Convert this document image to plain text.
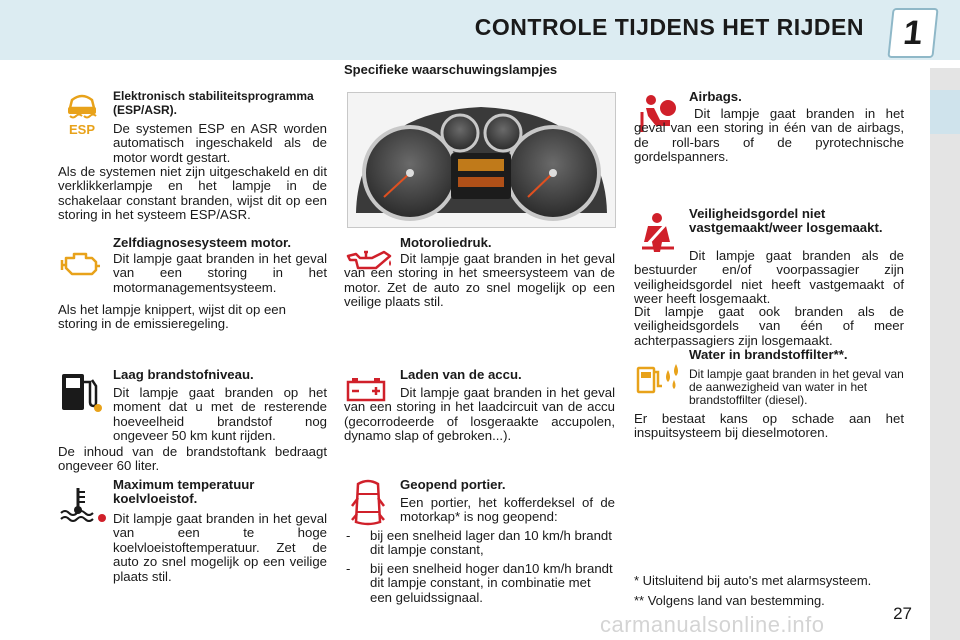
CONTROLE TIJDENS HET RIJDEN	1
ESP
Elektronisch stabiliteitsprogramma (ESP/ASR).
De systemen ESP en ASR worden automatisch ingeschakeld als de motor wordt gestart.
Als de systemen niet zijn uitgeschakeld en dit verklikkerlampje en het lampje in de schakelaar constant branden, wijst dit op een storing in het systeem ESP/ASR.
Zelfdiagnosesysteem motor.
Dit lampje gaat branden in het geval van een storing in het motormanagementsysteem.
Als het lampje knippert, wijst dit op een storing in de emissieregeling.
Laag brandstofniveau.
Dit lampje gaat branden op het moment dat u met de resterende hoeveelheid brandstof nog ongeveer 50 km kunt rijden.
De inhoud van de brandstoftank bedraagt ongeveer 60 liter.
Maximum temperatuur koelvloeistof.
Dit lampje gaat branden in het geval van een te hoge koelvloeistoftemperatuur. Zet de auto zo snel mogelijk op een veilige plaats stil.
Specifieke waarschuwingslampjes
Motoroliedruk.
Dit lampje gaat branden in het geval van een storing in het smeersysteem van de motor. Zet de auto zo snel mogelijk op een veilige plaats stil.
Laden van de accu.
Dit lampje gaat branden in het geval van een storing in het laadcircuit van de accu (gecorrodeerde of losgeraakte accupolen, dynamo slap of gebroken...).
Geopend portier.
Een portier, het kofferdeksel of de motorkap* is nog geopend:
- bij een snelheid lager dan 10 km/h brandt dit lampje constant,
- bij een snelheid hoger dan10 km/h brandt dit lampje constant, in combinatie met een geluidssignaal.
Airbags.
Dit lampje gaat branden in het geval van een storing in één van de airbags, de roll-bars of de pyrotechnische gordelspanners.
Veiligheidsgordel niet vastgemaakt/weer losgemaakt.
Dit lampje gaat branden als de bestuurder en/of voorpassagier zijn veiligheidsgordel niet heeft vastgemaakt of weer heeft losgemaakt.
Dit lampje gaat ook branden als de veiligheidsgordels van één of meer achterpassagiers zijn losgemaakt.
Water in brandstoffilter**.
Dit lampje gaat branden in het geval van de aanwezigheid van water in het brandstoffilter (diesel).
Er bestaat kans op schade aan het inspuitsysteem bij dieselmotoren.
* Uitsluitend bij auto's met alarmsysteem.
** Volgens land van bestemming.
27
carmanualsonline.info
